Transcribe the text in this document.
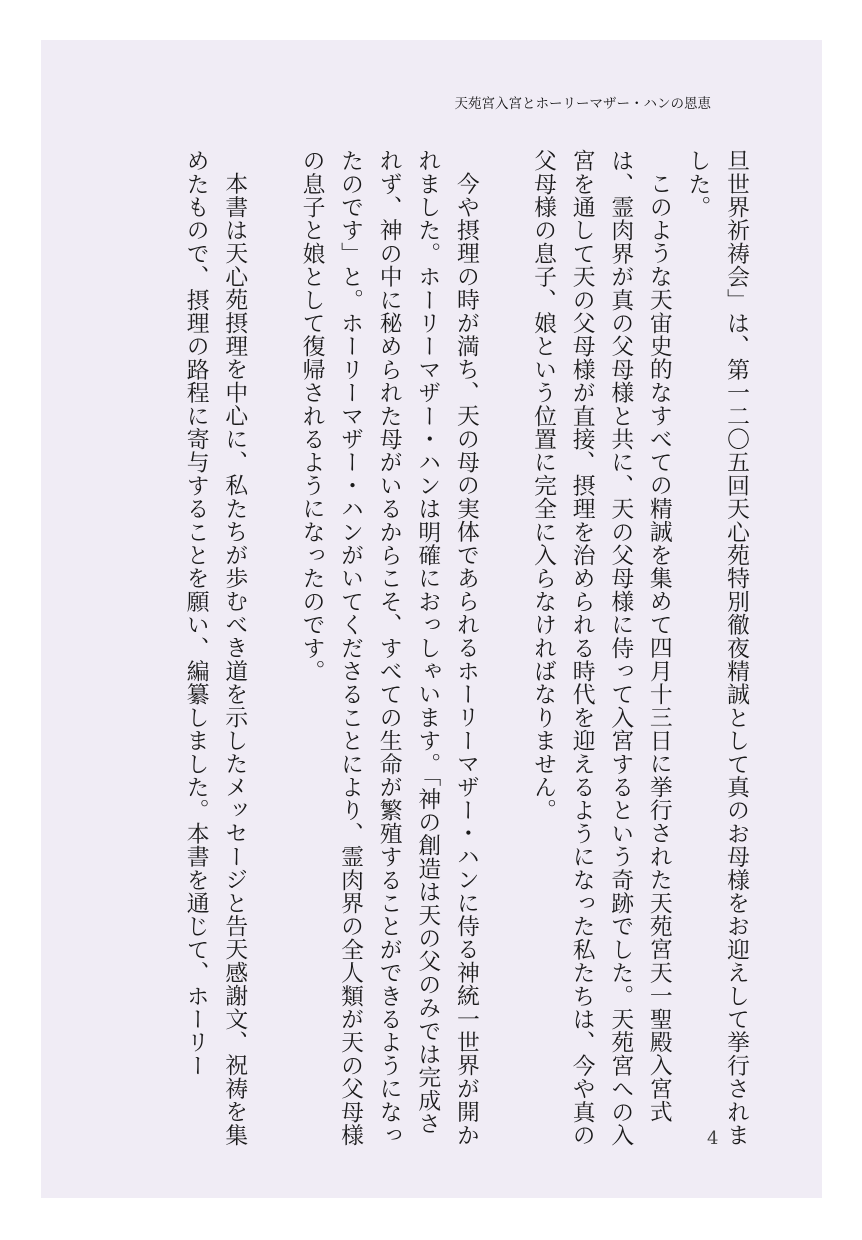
天苑宮入宮とホーリーマザー・ハンの恩恵

旦世界祈祷会」は、第一二〇五回天心苑特別徹夜精誠として真のお母様をお迎えして挙行されました。

このような天宙史的なすべての精誠を集めて四月十三日に挙行された天苑宮天一聖殿入宮式は、霊肉界が真の父母様と共に、天の父母様に侍って入宮するという奇跡でした。天苑宮への入宮を通して天の父母様が直接、摂理を治められる時代を迎えるようになった私たちは、今や真の父母様の息子、娘という位置に完全に入らなければなりません。

今や摂理の時が満ち、天の母の実体であられるホーリーマザー・ハンに侍る神統一世界が開かれました。ホーリーマザー・ハンは明確におっしゃいます。「神の創造は天の父のみでは完成されず、神の中に秘められた母がいるからこそ、すべての生命が繁殖することができるようになったのです」と。ホーリーマザー・ハンがいてくださることにより、霊肉界の全人類が天の父母様の息子と娘として復帰されるようになったのです。

本書は天心苑摂理を中心に、私たちが歩むべき道を示したメッセージと告天感謝文、祝祷を集めたもので、摂理の路程に寄与することを願い、編纂しました。本書を通じて、ホーリー

4
